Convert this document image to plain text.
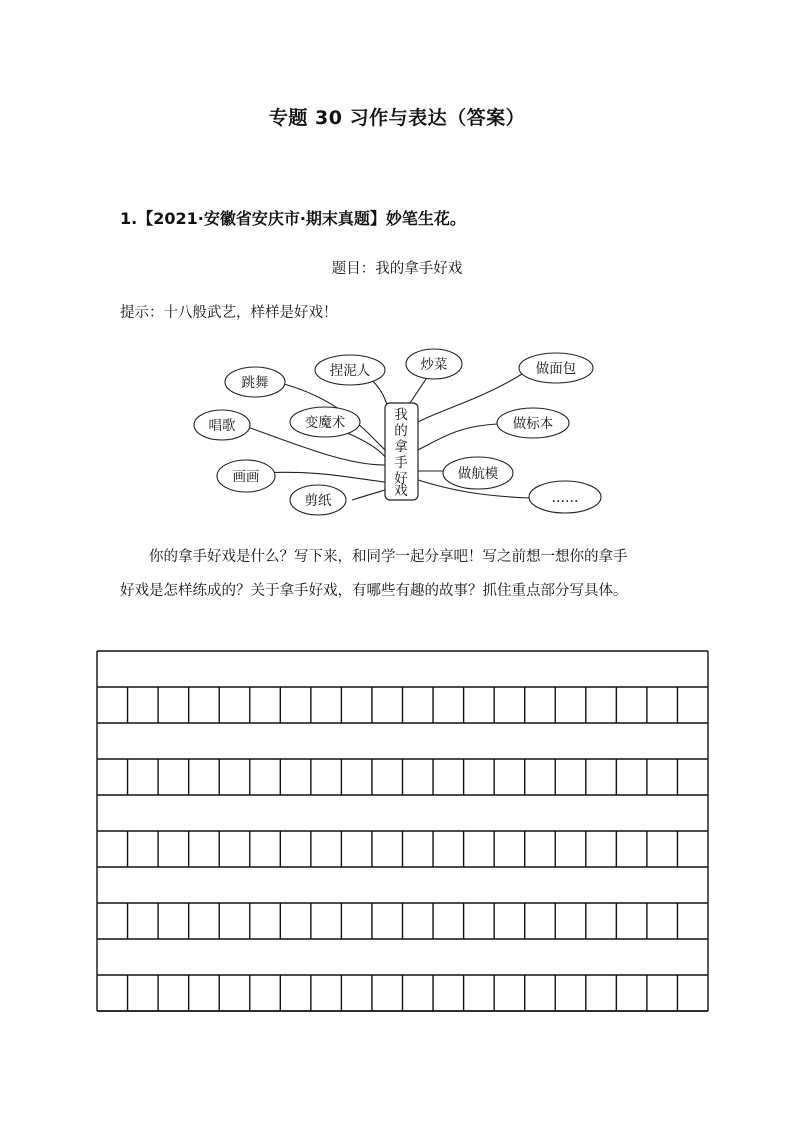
专题 30 习作与表达（答案）
1.【2021·安徽省安庆市·期末真题】妙笔生花。
题目：我的拿手好戏
提示：十八般武艺，样样是好戏！
我
的
拿
手
好
戏
跳舞
捏泥人	炒菜	做面包
唱歌	变魔术	做标本
画画	做航模
剪纸	……
你的拿手好戏是什么？写下来，和同学一起分享吧！写之前想一想你的拿手
好戏是怎样练成的？关于拿手好戏，有哪些有趣的故事？抓住重点部分写具体。
